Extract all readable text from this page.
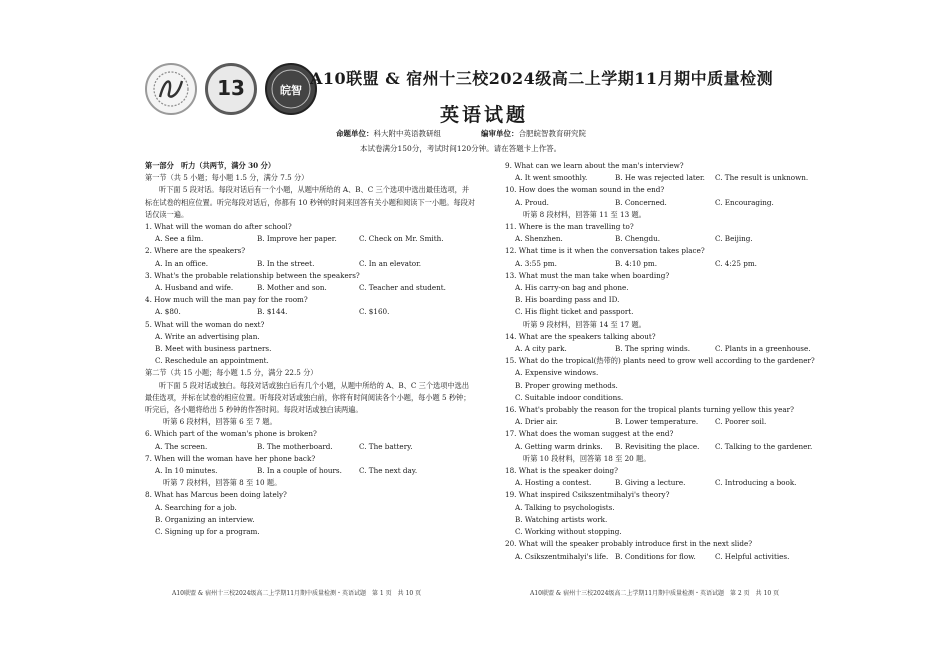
13	皖智
A10联盟 & 宿州十三校2024级高二上学期11月期中质量检测
英语试题
命题单位：科大附中英语教研组	编审单位：合肥皖智教育研究院
本试卷满分150分，考试时间120分钟。请在答题卡上作答。
第一部分　听力（共两节，满分 30 分）
第一节（共 5 小题；每小题 1.5 分，满分 7.5 分）
听下面 5 段对话。每段对话后有一个小题，从题中所给的 A、B、C 三个选项中选出最佳选项，并标在试卷的相应位置。听完每段对话后，你都有 10 秒钟的时间来回答有关小题和阅读下一小题。每段对话仅读一遍。
1. What will the woman do after school?
A. See a film.	B. Improve her paper.	C. Check on Mr. Smith.
2. Where are the speakers?
A. In an office.	B. In the street.	C. In an elevator.
3. What's the probable relationship between the speakers?
A. Husband and wife.	B. Mother and son.	C. Teacher and student.
4. How much will the man pay for the room?
A. $80.	B. $144.	C. $160.
5. What will the woman do next?
A. Write an advertising plan.
B. Meet with business partners.
C. Reschedule an appointment.
第二节（共 15 小题；每小题 1.5 分，满分 22.5 分）
听下面 5 段对话或独白。每段对话或独白后有几个小题，从题中所给的 A、B、C 三个选项中选出最佳选项，并标在试卷的相应位置。听每段对话或独白前，你将有时间阅读各个小题，每小题 5 秒钟；听完后，各小题将给出 5 秒钟的作答时间。每段对话或独白读两遍。
听第 6 段材料，回答第 6 至 7 题。
6. Which part of the woman's phone is broken?
A. The screen.	B. The motherboard.	C. The battery.
7. When will the woman have her phone back?
A. In 10 minutes.	B. In a couple of hours.	C. The next day.
听第 7 段材料，回答第 8 至 10 题。
8. What has Marcus been doing lately?
A. Searching for a job.
B. Organizing an interview.
C. Signing up for a program.
9. What can we learn about the man's interview?
A. It went smoothly.	B. He was rejected later.	C. The result is unknown.
10. How does the woman sound in the end?
A. Proud.	B. Concerned.	C. Encouraging.
听第 8 段材料，回答第 11 至 13 题。
11. Where is the man travelling to?
A. Shenzhen.	B. Chengdu.	C. Beijing.
12. What time is it when the conversation takes place?
A. 3:55 pm.	B. 4:10 pm.	C. 4:25 pm.
13. What must the man take when boarding?
A. His carry-on bag and phone.
B. His boarding pass and ID.
C. His flight ticket and passport.
听第 9 段材料，回答第 14 至 17 题。
14. What are the speakers talking about?
A. A city park.	B. The spring winds.	C. Plants in a greenhouse.
15. What do the tropical(热带的) plants need to grow well according to the gardener?
A. Expensive windows.
B. Proper growing methods.
C. Suitable indoor conditions.
16. What's probably the reason for the tropical plants turning yellow this year?
A. Drier air.	B. Lower temperature.	C. Poorer soil.
17. What does the woman suggest at the end?
A. Getting warm drinks.	B. Revisiting the place.	C. Talking to the gardener.
听第 10 段材料，回答第 18 至 20 题。
18. What is the speaker doing?
A. Hosting a contest.	B. Giving a lecture.	C. Introducing a book.
19. What inspired Csikszentmihalyi's theory?
A. Talking to psychologists.
B. Watching artists work.
C. Working without stopping.
20. What will the speaker probably introduce first in the next slide?
A. Csikszentmihalyi's life. B. Conditions for flow.	C. Helpful activities.
A10联盟 & 宿州十三校2024级高二上学期11月期中质量检测・英语试题　第 1 页　共 10 页	A10联盟 & 宿州十三校2024级高二上学期11月期中质量检测・英语试题　第 2 页　共 10 页
